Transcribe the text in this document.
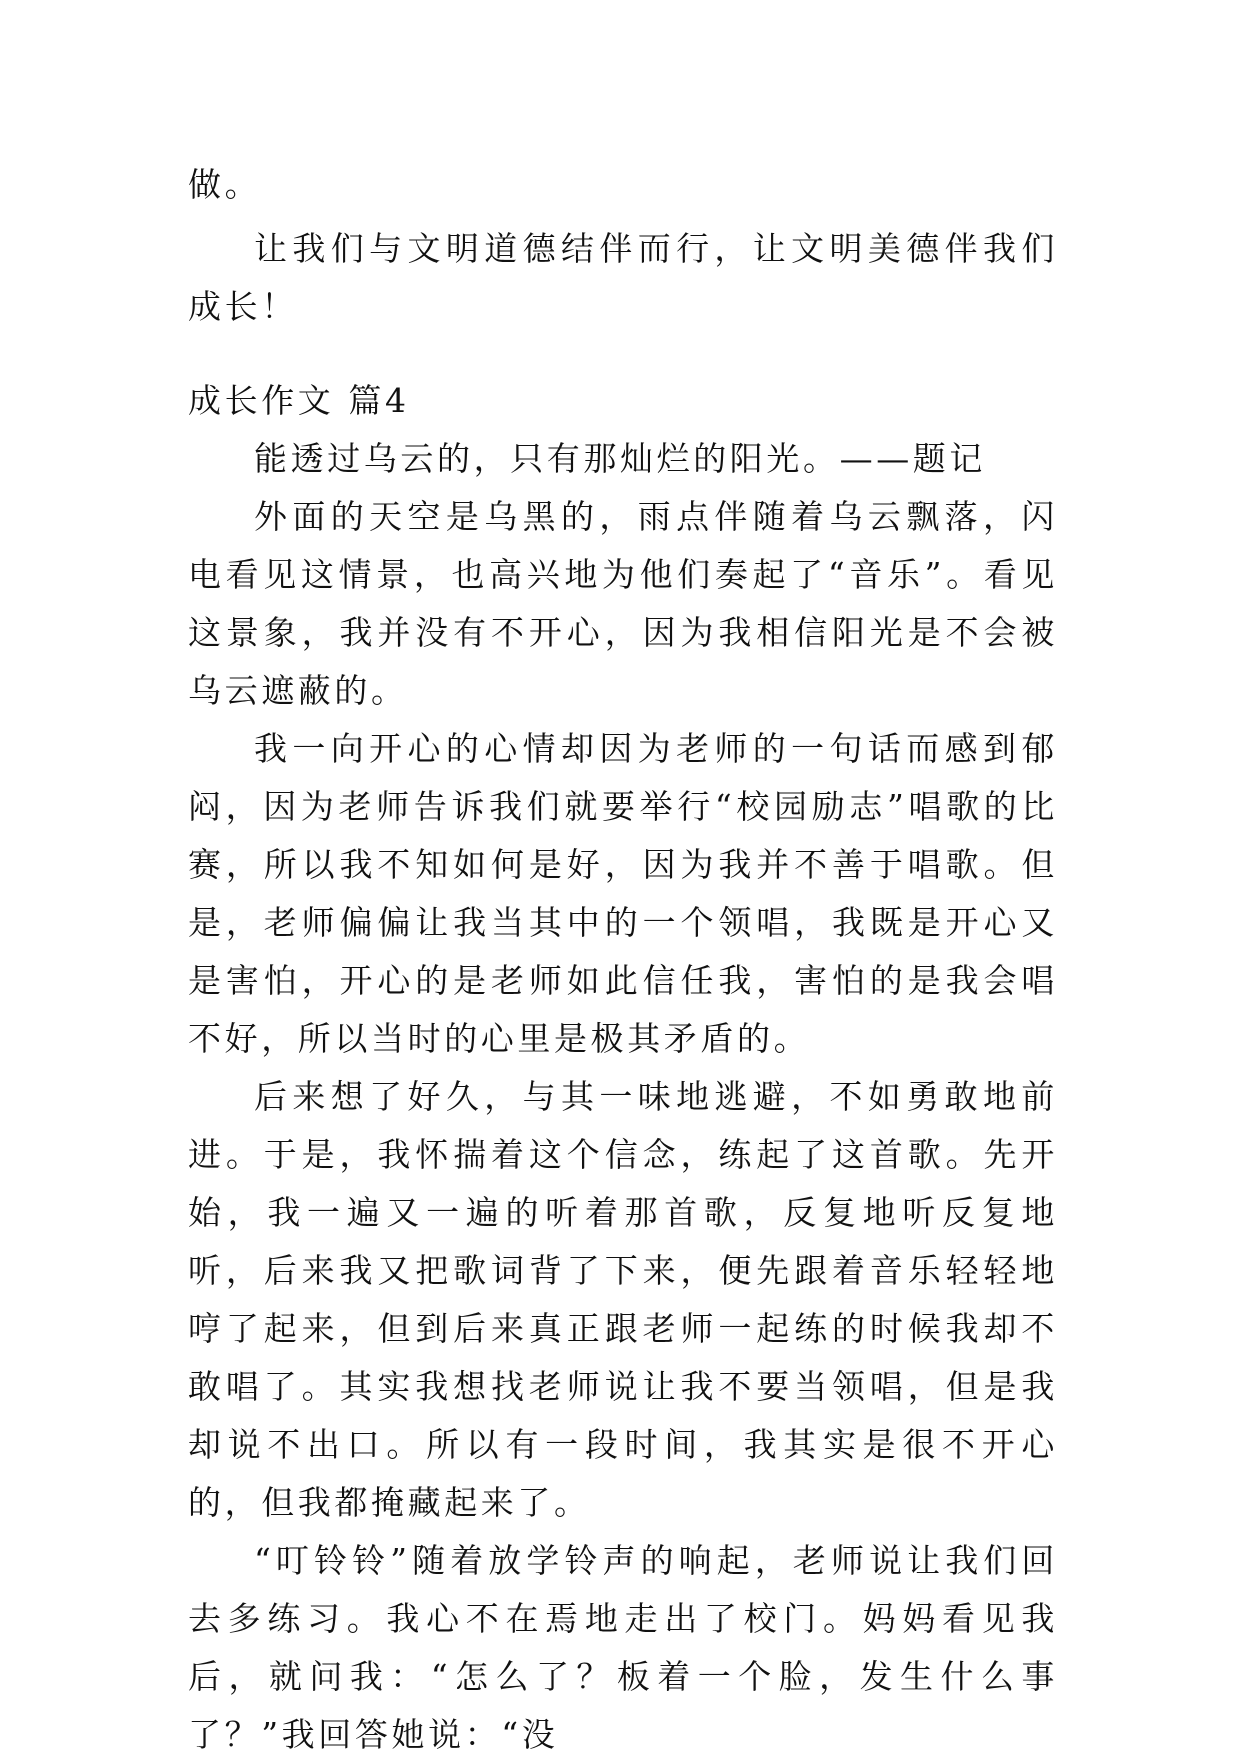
做。

让我们与文明道德结伴而行，让文明美德伴我们成长！

成长作文 篇4

能透过乌云的，只有那灿烂的阳光。——题记

外面的天空是乌黑的，雨点伴随着乌云飘落，闪电看见这情景，也高兴地为他们奏起了“音乐”。看见这景象，我并没有不开心，因为我相信阳光是不会被乌云遮蔽的。

我一向开心的心情却因为老师的一句话而感到郁闷，因为老师告诉我们就要举行“校园励志”唱歌的比赛，所以我不知如何是好，因为我并不善于唱歌。但是，老师偏偏让我当其中的一个领唱，我既是开心又是害怕，开心的是老师如此信任我，害怕的是我会唱不好，所以当时的心里是极其矛盾的。

后来想了好久，与其一味地逃避，不如勇敢地前进。于是，我怀揣着这个信念，练起了这首歌。先开始，我一遍又一遍的听着那首歌，反复地听反复地听，后来我又把歌词背了下来，便先跟着音乐轻轻地哼了起来，但到后来真正跟老师一起练的时候我却不敢唱了。其实我想找老师说让我不要当领唱，但是我却说不出口。所以有一段时间，我其实是很不开心的，但我都掩藏起来了。

“叮铃铃”随着放学铃声的响起，老师说让我们回去多练习。我心不在焉地走出了校门。妈妈看见我后，就问我：“怎么了？板着一个脸，发生什么事了？”我回答她说：“没
